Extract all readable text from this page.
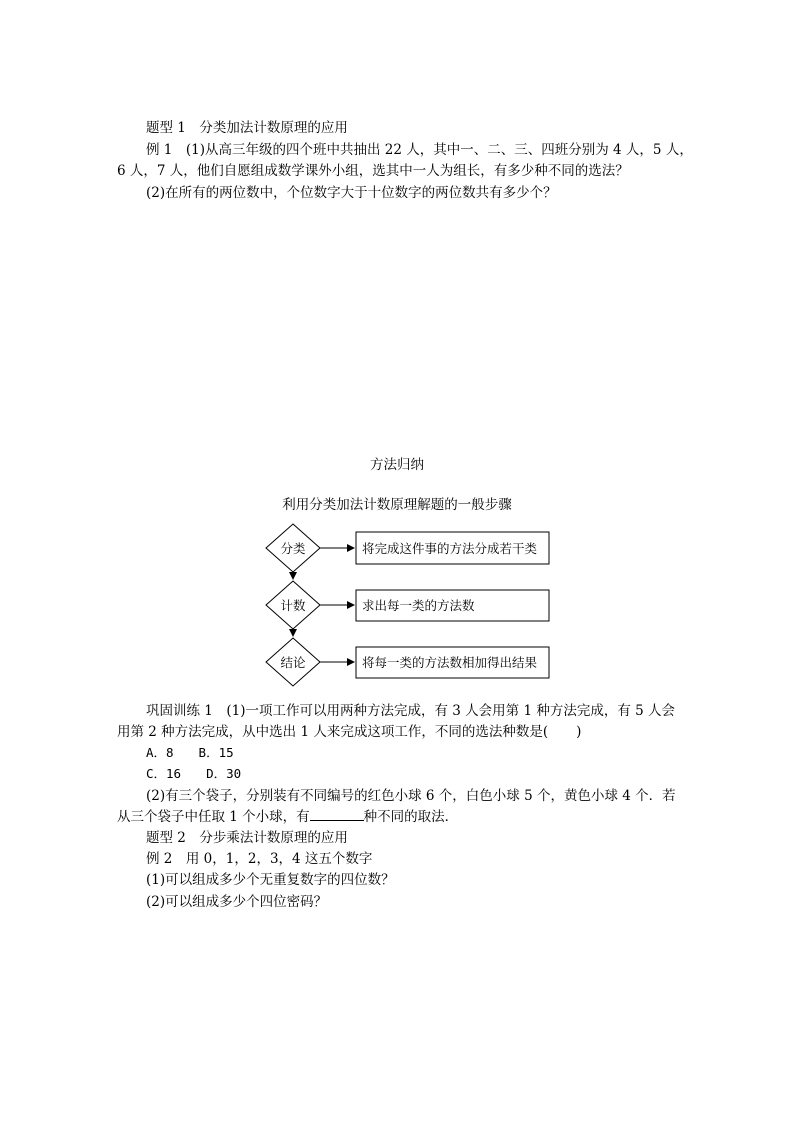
题型 1　分类加法计数原理的应用
例 1　(1)从高三年级的四个班中共抽出 22 人，其中一、二、三、四班分别为 4 人，5 人，
6 人，7 人，他们自愿组成数学课外小组，选其中一人为组长，有多少种不同的选法？
(2)在所有的两位数中，个位数字大于十位数字的两位数共有多少个？
方法归纳
利用分类加法计数原理解题的一般步骤
分类	将完成这件事的方法分成若干类
计数	求出每一类的方法数
结论	将每一类的方法数相加得出结果
巩固训练 1　(1)一项工作可以用两种方法完成，有 3 人会用第 1 种方法完成，有 5 人会
用第 2 种方法完成，从中选出 1 人来完成这项工作，不同的选法种数是( )
A．8　　B．15
C．16　　D．30
(2)有三个袋子，分别装有不同编号的红色小球 6 个，白色小球 5 个，黄色小球 4 个．若
从三个袋子中任取 1 个小球，有	种不同的取法．
题型 2　分步乘法计数原理的应用
例 2　用 0，1，2，3，4 这五个数字
(1)可以组成多少个无重复数字的四位数？
(2)可以组成多少个四位密码？
